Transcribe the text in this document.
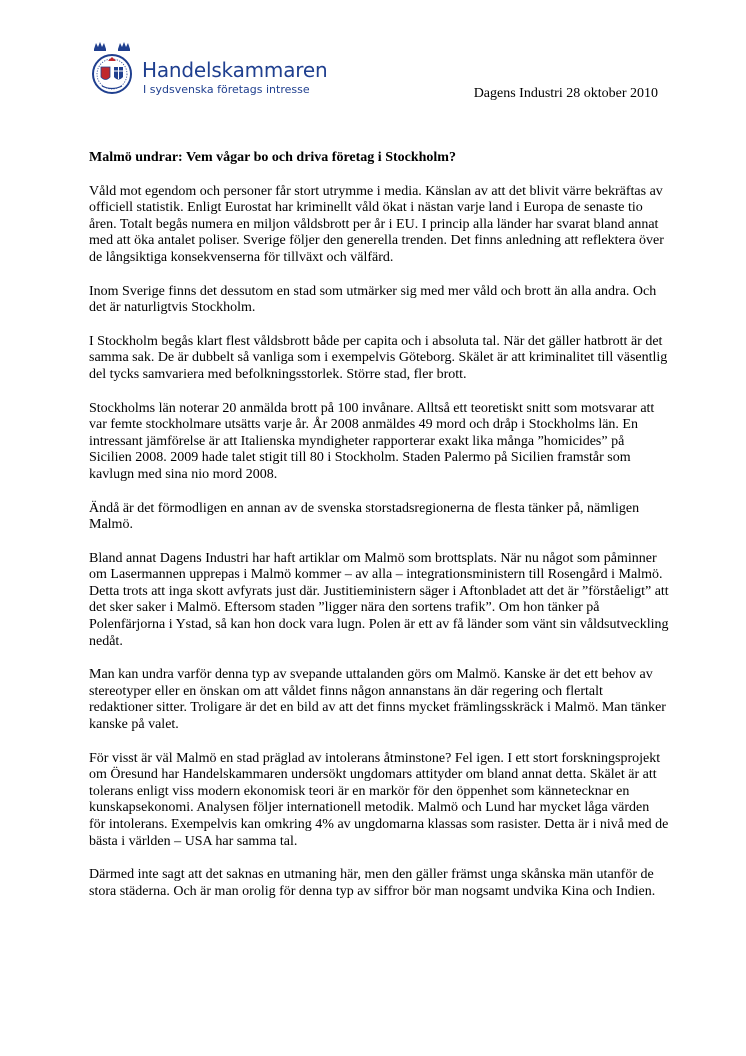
Handelskammaren
I sydsvenska företags intresse	Dagens Industri 28 oktober 2010
Malmö undrar: Vem vågar bo och driva företag i Stockholm?

Våld mot egendom och personer får stort utrymme i media. Känslan av att det blivit värre bekräftas av officiell statistik. Enligt Eurostat har kriminellt våld ökat i nästan varje land i Europa de senaste tio åren. Totalt begås numera en miljon våldsbrott per år i EU. I princip alla länder har svarat bland annat med att öka antalet poliser. Sverige följer den generella trenden. Det finns anledning att reflektera över de långsiktiga konsekvenserna för tillväxt och välfärd.

Inom Sverige finns det dessutom en stad som utmärker sig med mer våld och brott än alla andra. Och det är naturligtvis Stockholm.

I Stockholm begås klart flest våldsbrott både per capita och i absoluta tal. När det gäller hatbrott är det samma sak. De är dubbelt så vanliga som i exempelvis Göteborg. Skälet är att kriminalitet till väsentlig del tycks samvariera med befolkningsstorlek. Större stad, fler brott.

Stockholms län noterar 20 anmälda brott på 100 invånare. Alltså ett teoretiskt snitt som motsvarar att var femte stockholmare utsätts varje år. År 2008 anmäldes 49 mord och dråp i Stockholms län. En intressant jämförelse är att Italienska myndigheter rapporterar exakt lika många ”homicides” på Sicilien 2008. 2009 hade talet stigit till 80 i Stockholm. Staden Palermo på Sicilien framstår som kavlugn med sina nio mord 2008.

Ändå är det förmodligen en annan av de svenska storstadsregionerna de flesta tänker på, nämligen Malmö.

Bland annat Dagens Industri har haft artiklar om Malmö som brottsplats. När nu något som påminner om Lasermannen upprepas i Malmö kommer – av alla – integrationsministern till Rosengård i Malmö. Detta trots att inga skott avfyrats just där. Justitieministern säger i Aftonbladet att det är ”förståeligt” att det sker saker i Malmö. Eftersom staden ”ligger nära den sortens trafik”. Om hon tänker på Polenfärjorna i Ystad, så kan hon dock vara lugn. Polen är ett av få länder som vänt sin våldsutveckling nedåt.

Man kan undra varför denna typ av svepande uttalanden görs om Malmö. Kanske är det ett behov av stereotyper eller en önskan om att våldet finns någon annanstans än där regering och flertalt redaktioner sitter. Troligare är det en bild av att det finns mycket främlingsskräck i Malmö. Man tänker kanske på valet.

För visst är väl Malmö en stad präglad av intolerans åtminstone? Fel igen. I ett stort forskningsprojekt om Öresund har Handelskammaren undersökt ungdomars attityder om bland annat detta. Skälet är att tolerans enligt viss modern ekonomisk teori är en markör för den öppenhet som kännetecknar en kunskapsekonomi. Analysen följer internationell metodik. Malmö och Lund har mycket låga värden för intolerans. Exempelvis kan omkring 4% av ungdomarna klassas som rasister. Detta är i nivå med de bästa i världen – USA har samma tal.

Därmed inte sagt att det saknas en utmaning här, men den gäller främst unga skånska män utanför de stora städerna. Och är man orolig för denna typ av siffror bör man nogsamt undvika Kina och Indien.
